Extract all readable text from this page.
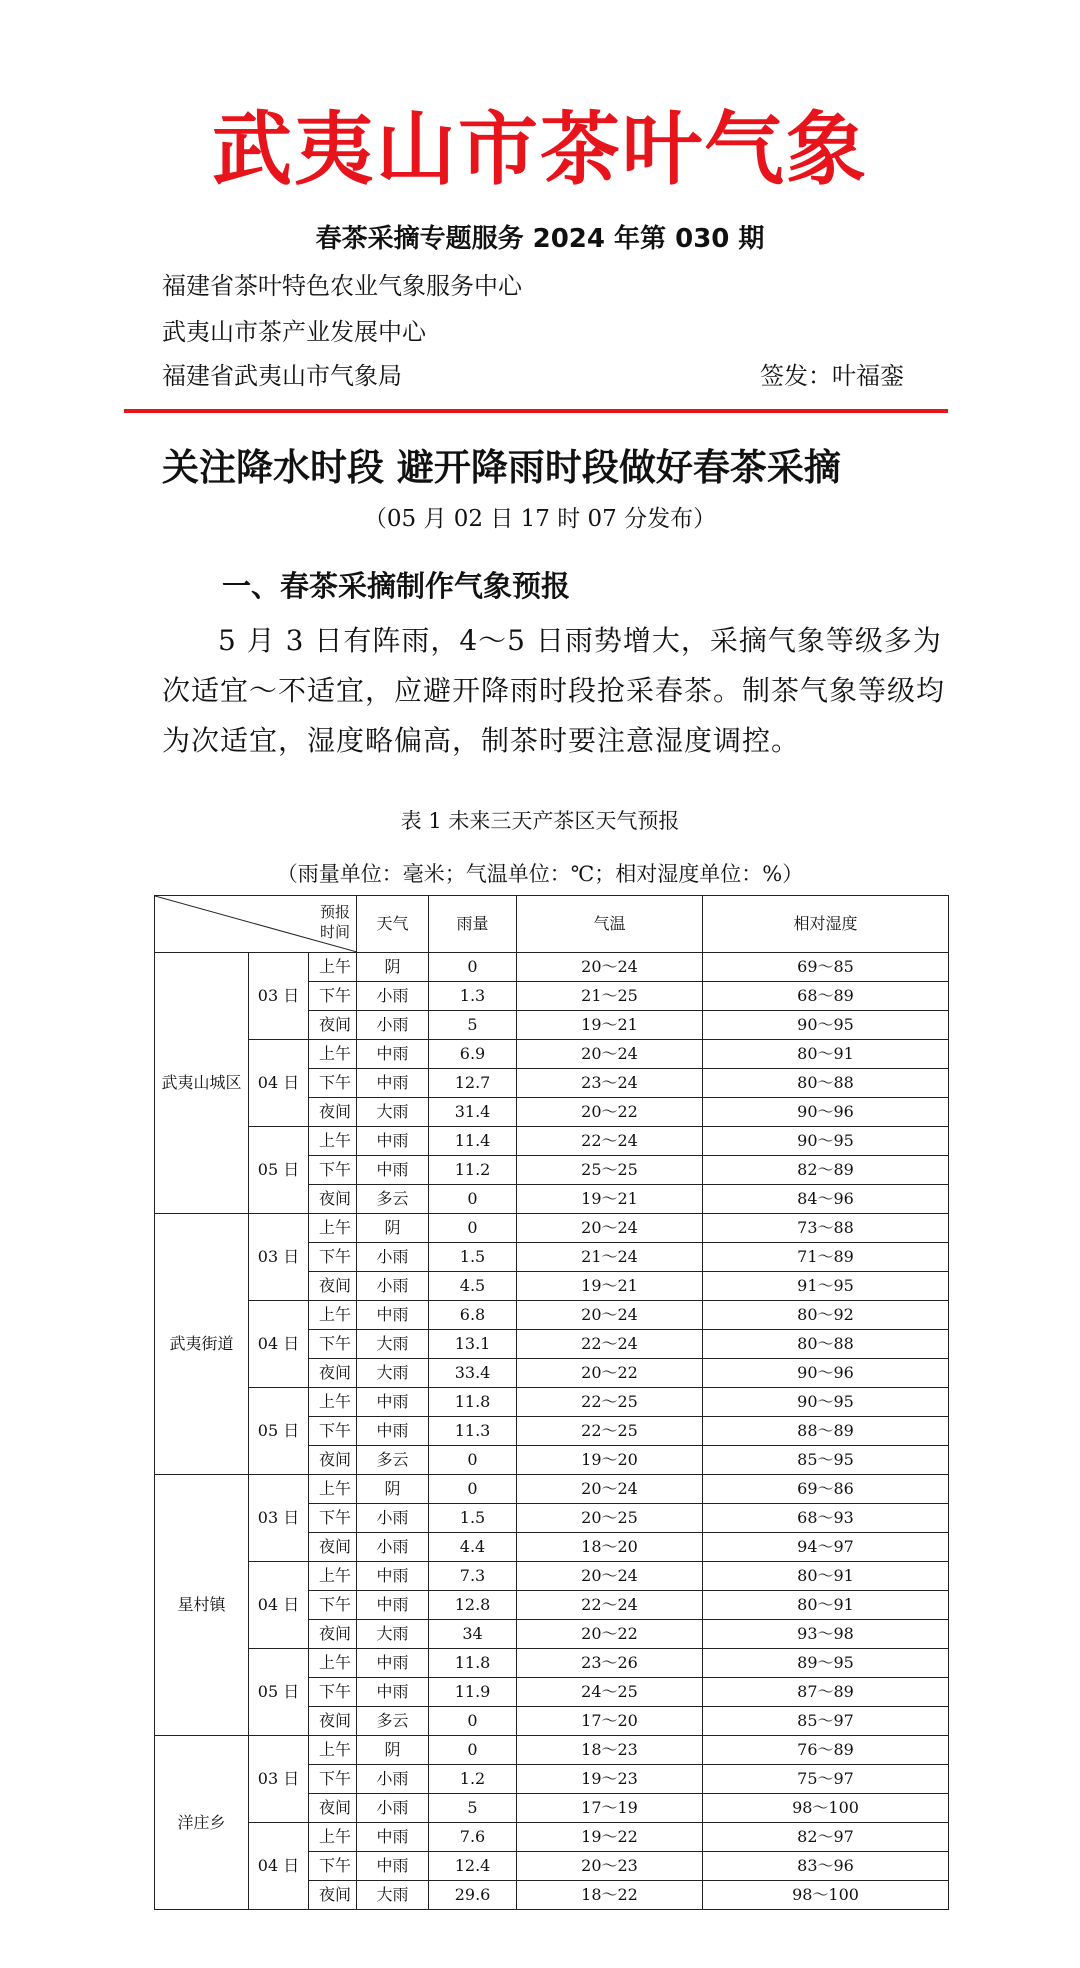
武夷山市茶叶气象
春茶采摘专题服务 2024 年第 030 期
福建省茶叶特色农业气象服务中心
武夷山市茶产业发展中心
福建省武夷山市气象局	签发：叶福銮
关注降水时段 避开降雨时段做好春茶采摘
（05 月 02 日 17 时 07 分发布）
一、春茶采摘制作气象预报
5 月 3 日有阵雨，4～5 日雨势增大，采摘气象等级多为次适宜～不适宜，应避开降雨时段抢采春茶。制茶气象等级均为次适宜，湿度略偏高，制茶时要注意湿度调控。
表 1 未来三天产茶区天气预报
（雨量单位：毫米；气温单位：℃；相对湿度单位：%）
预报
时间			天气	雨量	气温	相对湿度
武夷山城区	03 日	上午	阴	0	20～24	69～85
		下午	小雨	1.3	21～25	68～89
		夜间	小雨	5	19～21	90～95
	04 日	上午	中雨	6.9	20～24	80～91
		下午	中雨	12.7	23～24	80～88
		夜间	大雨	31.4	20～22	90～96
	05 日	上午	中雨	11.4	22～24	90～95
		下午	中雨	11.2	25～25	82～89
		夜间	多云	0	19～21	84～96
武夷街道	03 日	上午	阴	0	20～24	73～88
		下午	小雨	1.5	21～24	71～89
		夜间	小雨	4.5	19～21	91～95
	04 日	上午	中雨	6.8	20～24	80～92
		下午	大雨	13.1	22～24	80～88
		夜间	大雨	33.4	20～22	90～96
	05 日	上午	中雨	11.8	22～25	90～95
		下午	中雨	11.3	22～25	88～89
		夜间	多云	0	19～20	85～95
星村镇	03 日	上午	阴	0	20～24	69～86
		下午	小雨	1.5	20～25	68～93
		夜间	小雨	4.4	18～20	94～97
	04 日	上午	中雨	7.3	20～24	80～91
		下午	中雨	12.8	22～24	80～91
		夜间	大雨	34	20～22	93～98
	05 日	上午	中雨	11.8	23～26	89～95
		下午	中雨	11.9	24～25	87～89
		夜间	多云	0	17～20	85～97
洋庄乡	03 日	上午	阴	0	18～23	76～89
		下午	小雨	1.2	19～23	75～97
		夜间	小雨	5	17～19	98～100
	04 日	上午	中雨	7.6	19～22	82～97
		下午	中雨	12.4	20～23	83～96
		夜间	大雨	29.6	18～22	98～100
